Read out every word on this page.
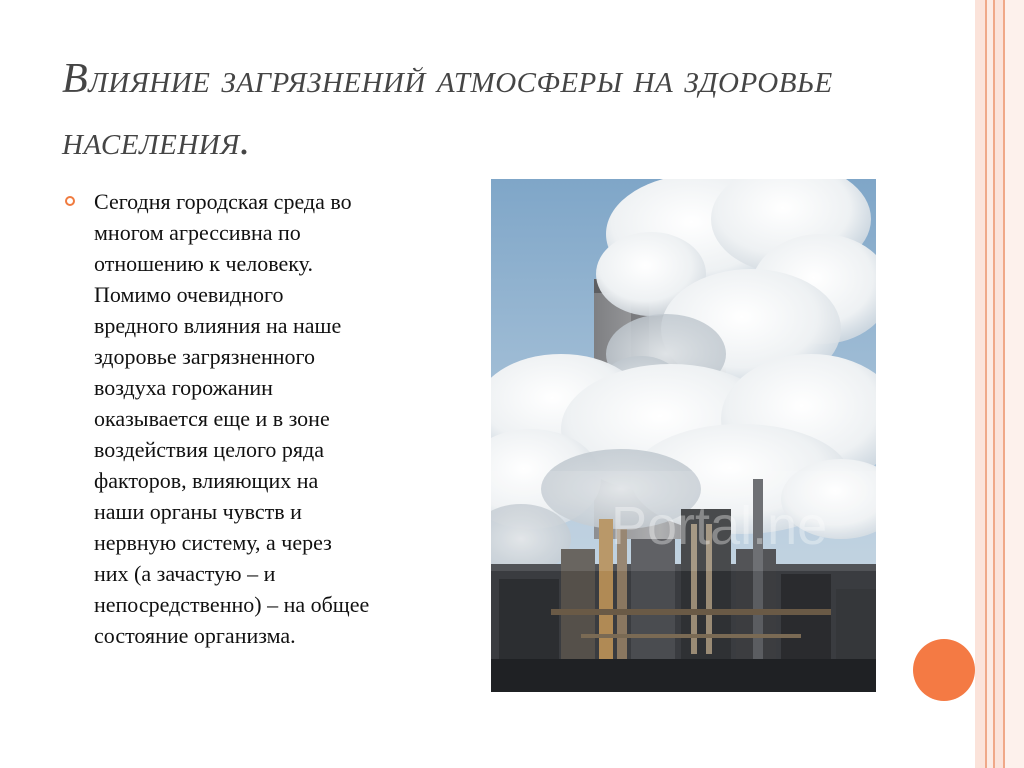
Влияние загрязнений атмосферы на здоровье населения.
Сегодня городская среда во
многом агрессивна по
отношению к человеку.
Помимо очевидного
вредного влияния на наше
здоровье загрязненного
воздуха горожанин
оказывается еще и в зоне
воздействия целого ряда
факторов, влияющих на
наши органы чувств и
нервную систему, а через
них (а зачастую – и
непосредственно) – на общее
состояние организма.
Portal.ne
